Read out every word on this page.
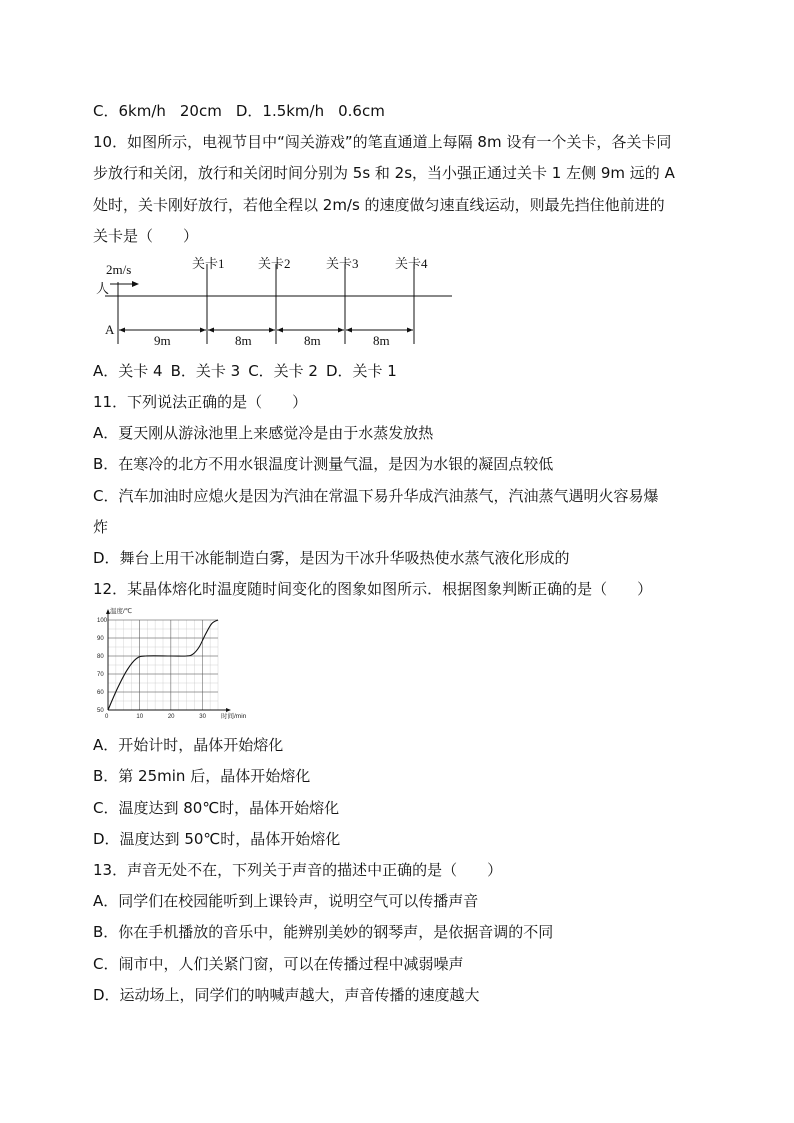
C．6km/h 20cm D．1.5km/h 0.6cm
10．如图所示，电视节目中“闯关游戏”的笔直通道上每隔 8m 设有一个关卡，各关卡同
步放行和关闭，放行和关闭时间分别为 5s 和 2s，当小强正通过关卡 1 左侧 9m 远的 A
处时，关卡刚好放行，若他全程以 2m/s 的速度做匀速直线运动，则最先挡住他前进的
关卡是（　　）
2m/s
人
A
关卡1	关卡2	关卡3	关卡4
9m	8m	8m	8m
A．关卡 4 B．关卡 3 C．关卡 2 D．关卡 1
11．下列说法正确的是（　　）
A．夏天刚从游泳池里上来感觉冷是由于水蒸发放热
B．在寒冷的北方不用水银温度计测量气温，是因为水银的凝固点较低
C．汽车加油时应熄火是因为汽油在常温下易升华成汽油蒸气，汽油蒸气遇明火容易爆
炸
D．舞台上用干冰能制造白雾，是因为干冰升华吸热使水蒸气液化形成的
12．某晶体熔化时温度随时间变化的图象如图所示．根据图象判断正确的是（　　）
0	10	20	30
50
60
70
80
90
100
温度/℃
时间/min
A．开始计时，晶体开始熔化
B．第 25min 后，晶体开始熔化
C．温度达到 80℃时，晶体开始熔化
D．温度达到 50℃时，晶体开始熔化
13．声音无处不在，下列关于声音的描述中正确的是（　　）
A．同学们在校园能听到上课铃声，说明空气可以传播声音
B．你在手机播放的音乐中，能辨别美妙的钢琴声，是依据音调的不同
C．闹市中，人们关紧门窗，可以在传播过程中减弱噪声
D．运动场上，同学们的呐喊声越大，声音传播的速度越大
